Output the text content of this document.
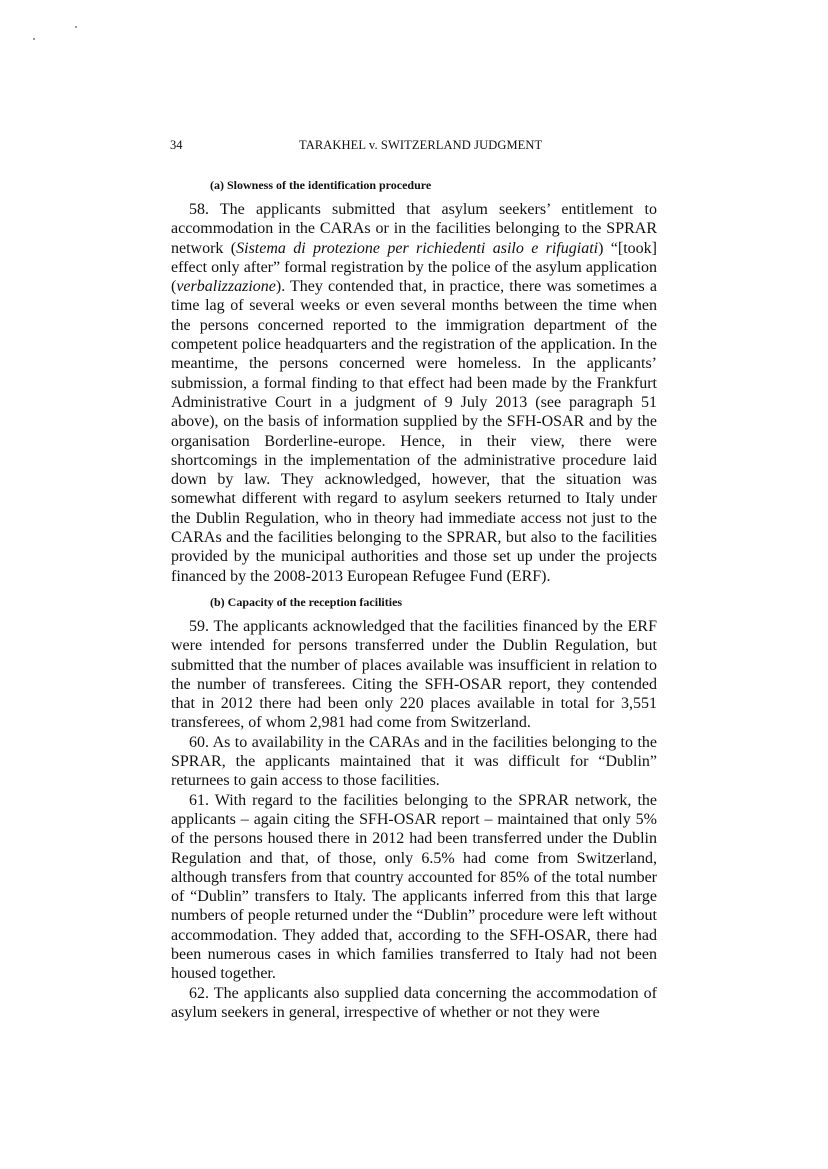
34	TARAKHEL v. SWITZERLAND JUDGMENT
(a) Slowness of the identification procedure

58. The applicants submitted that asylum seekers’ entitlement to accommodation in the CARAs or in the facilities belonging to the SPRAR network (Sistema di protezione per richiedenti asilo e rifugiati) “[took] effect only after” formal registration by the police of the asylum application (verbalizzazione). They contended that, in practice, there was sometimes a time lag of several weeks or even several months between the time when the persons concerned reported to the immigration department of the competent police headquarters and the registration of the application. In the meantime, the persons concerned were homeless. In the applicants’ submission, a formal finding to that effect had been made by the Frankfurt Administrative Court in a judgment of 9 July 2013 (see paragraph 51 above), on the basis of information supplied by the SFH-OSAR and by the organisation Borderline-europe. Hence, in their view, there were shortcomings in the implementation of the administrative procedure laid down by law. They acknowledged, however, that the situation was somewhat different with regard to asylum seekers returned to Italy under the Dublin Regulation, who in theory had immediate access not just to the CARAs and the facilities belonging to the SPRAR, but also to the facilities provided by the municipal authorities and those set up under the projects financed by the 2008-2013 European Refugee Fund (ERF).

(b) Capacity of the reception facilities

59. The applicants acknowledged that the facilities financed by the ERF were intended for persons transferred under the Dublin Regulation, but submitted that the number of places available was insufficient in relation to the number of transferees. Citing the SFH-OSAR report, they contended that in 2012 there had been only 220 places available in total for 3,551 transferees, of whom 2,981 had come from Switzerland.

60. As to availability in the CARAs and in the facilities belonging to the SPRAR, the applicants maintained that it was difficult for “Dublin” returnees to gain access to those facilities.

61. With regard to the facilities belonging to the SPRAR network, the applicants – again citing the SFH-OSAR report – maintained that only 5% of the persons housed there in 2012 had been transferred under the Dublin Regulation and that, of those, only 6.5% had come from Switzerland, although transfers from that country accounted for 85% of the total number of “Dublin” transfers to Italy. The applicants inferred from this that large numbers of people returned under the “Dublin” procedure were left without accommodation. They added that, according to the SFH-OSAR, there had been numerous cases in which families transferred to Italy had not been housed together.

62. The applicants also supplied data concerning the accommodation of asylum seekers in general, irrespective of whether or not they were
